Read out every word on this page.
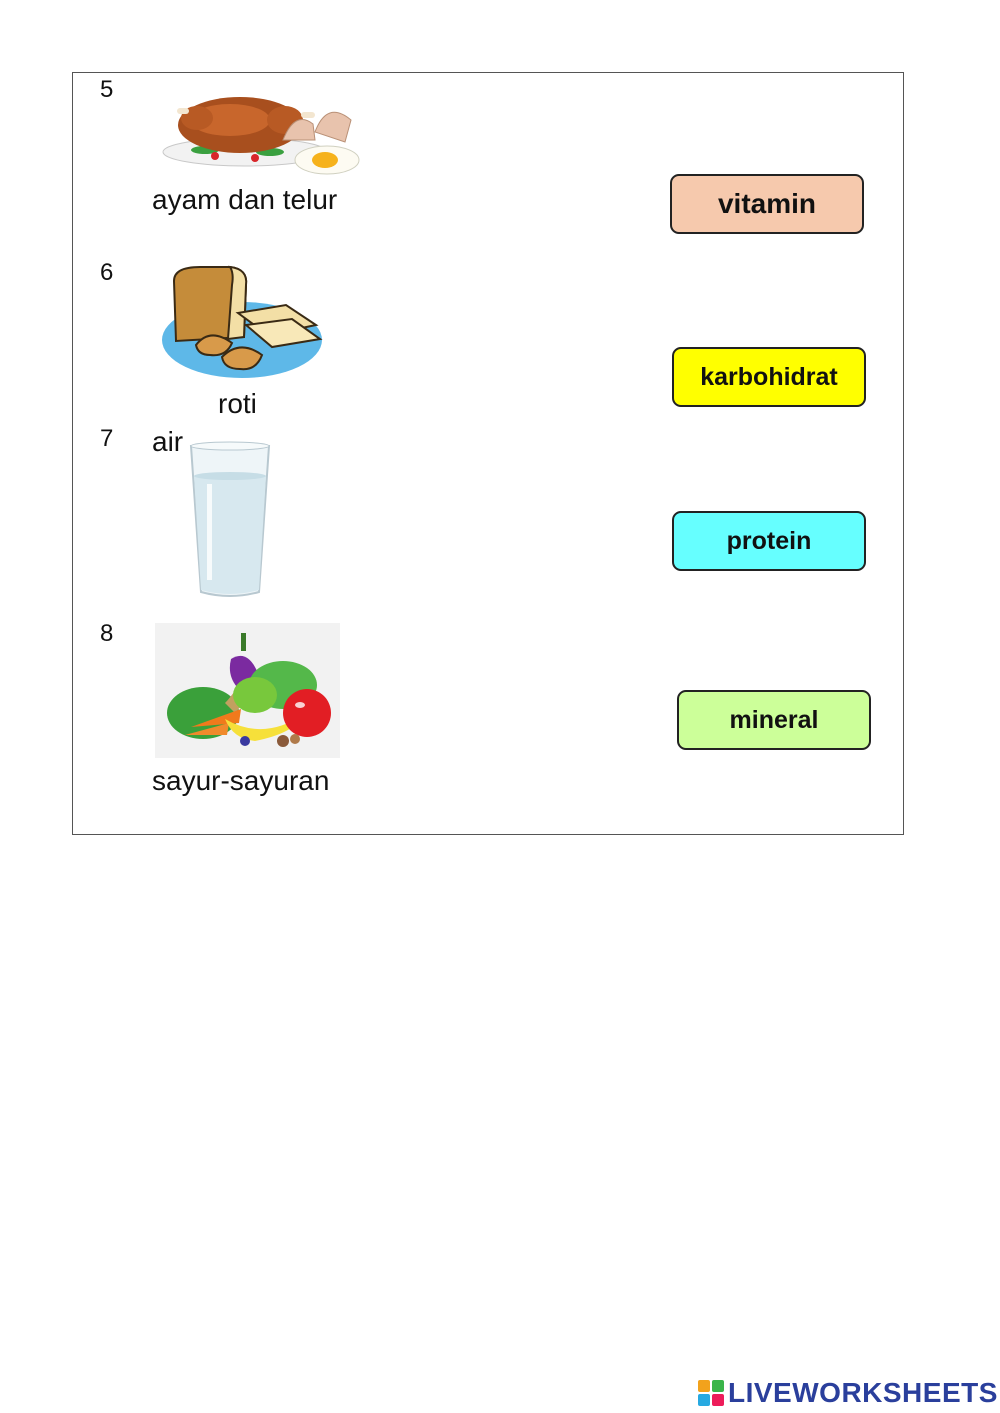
5
ayam dan telur
6
roti
7 air
8
sayur-sayuran
vitamin
karbohidrat
protein
mineral
LIVEWORKSHEETS
